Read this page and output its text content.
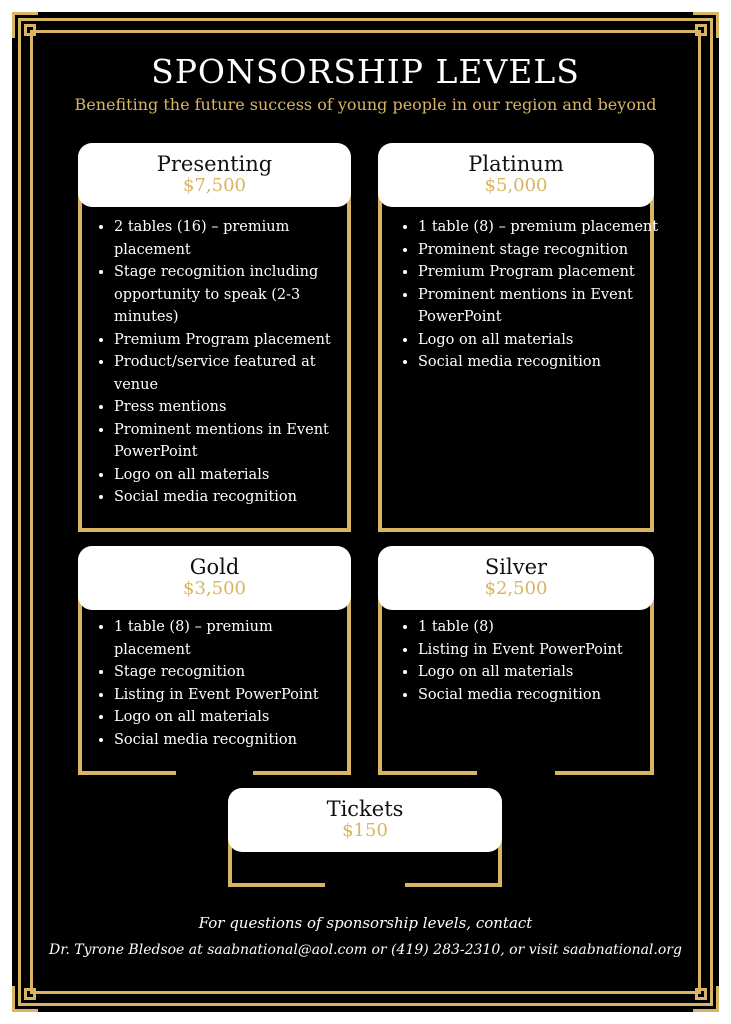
SPONSORSHIP LEVELS
Benefiting the future success of young people in our region and beyond
Presenting
$7,500
• 2 tables (16) – premium placement
• Stage recognition including opportunity to speak (2-3 minutes)
• Premium Program placement
• Product/service featured at venue
• Press mentions
• Prominent mentions in Event PowerPoint
• Logo on all materials
• Social media recognition
Platinum
$5,000
• 1 table (8) – premium placement
• Prominent stage recognition
• Premium Program placement
• Prominent mentions in Event PowerPoint
• Logo on all materials
• Social media recognition
Gold
$3,500
• 1 table (8) – premium placement
• Stage recognition
• Listing in Event PowerPoint
• Logo on all materials
• Social media recognition
Silver
$2,500
• 1 table (8)
• Listing in Event PowerPoint
• Logo on all materials
• Social media recognition
Tickets
$150
For questions of sponsorship levels, contact
Dr. Tyrone Bledsoe at saabnational@aol.com or (419) 283-2310, or visit saabnational.org
